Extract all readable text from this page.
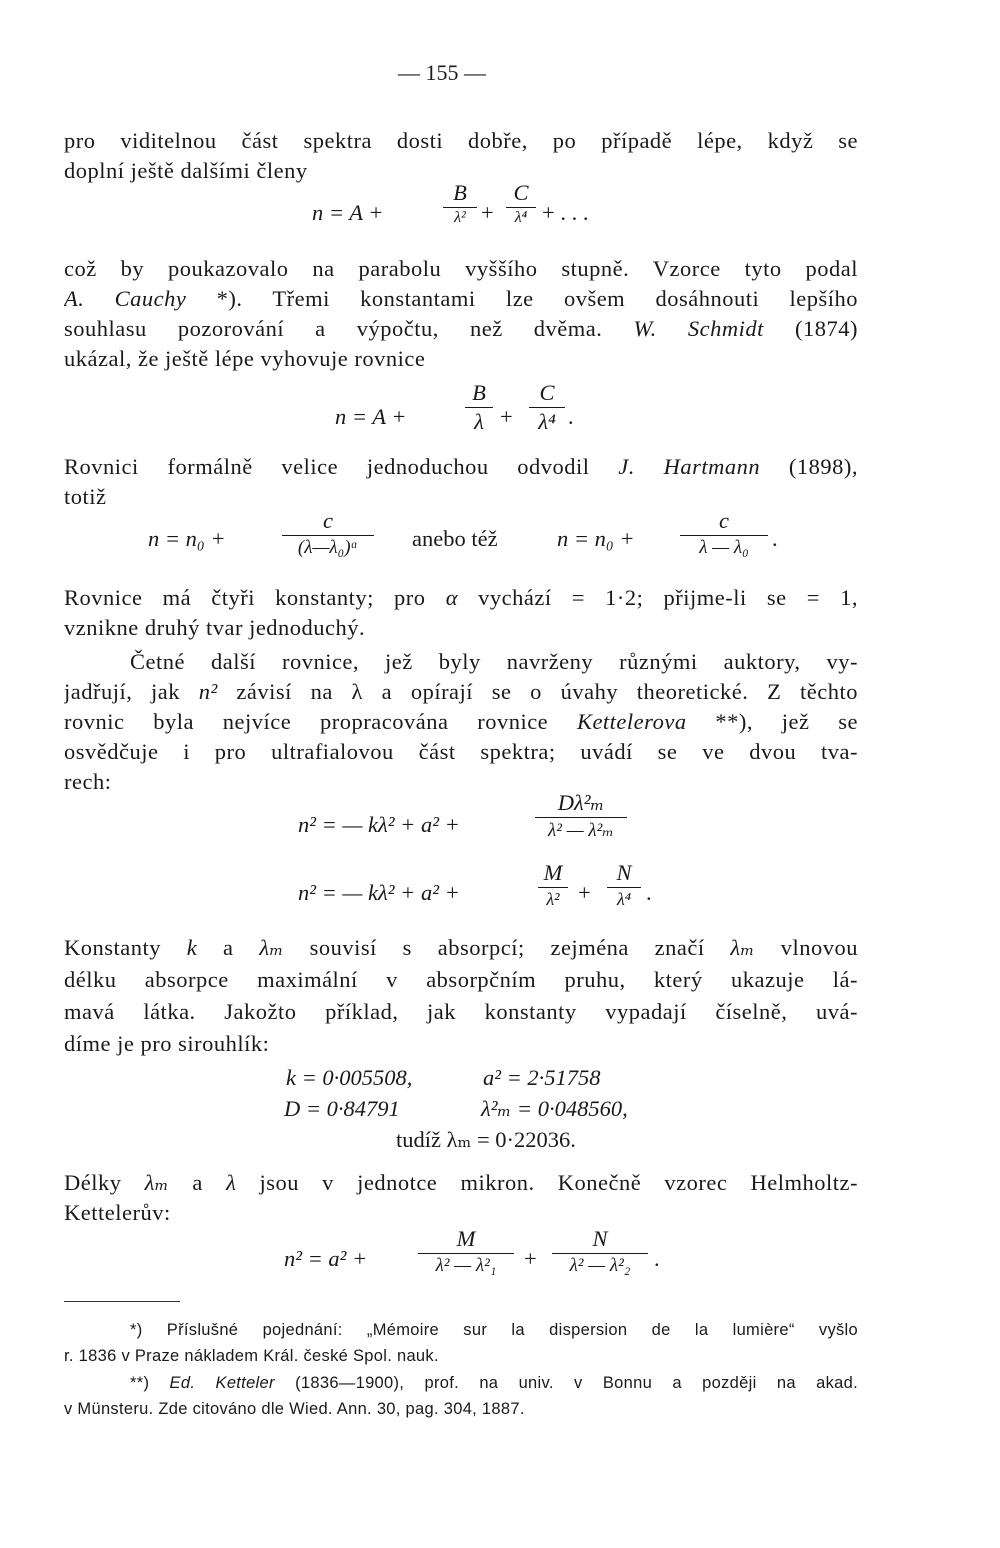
— 155 —
pro viditelnou část spektra dosti dobře, po případě lépe, když se
doplní ještě dalšími členy
n = A +
B
λ² +
C
λ⁴ + . . .
což by poukazovalo na parabolu vyššího stupně. Vzorce tyto podal
A. Cauchy *). Třemi konstantami lze ovšem dosáhnouti lepšího
souhlasu pozorování a výpočtu, než dvěma. W. Schmidt (1874)
ukázal, že ještě lépe vyhovuje rovnice
n = A +
B
λ +
C
λ⁴ .
Rovnici formálně velice jednoduchou odvodil J. Hartmann (1898),
totiž
n = n₀ +
c
(λ—λ₀)ᵅ	anebo též	n = n₀ +
c
λ — λ₀	.
Rovnice má čtyři konstanty; pro α vychází = 1·2; přijme-li se = 1,
vznikne druhý tvar jednoduchý.
Četné další rovnice, jež byly navrženy různými auktory, vy-
jadřují, jak n² závisí na λ a opírají se o úvahy theoretické. Z těchto
rovnic byla nejvíce propracována rovnice Kettelerova **), jež se
osvědčuje i pro ultrafialovou část spektra; uvádí se ve dvou tva-
rech:
n² = — kλ² + a² +
Dλ²ₘ
λ² — λ²ₘ
n² = — kλ² + a² +
M
λ² +
N
λ⁴ .
Konstanty k a λₘ souvisí s absorpcí; zejména značí λₘ vlnovou
délku absorpce maximální v absorpčním pruhu, který ukazuje lá-
mavá látka. Jakožto příklad, jak konstanty vypadají číselně, uvá-
díme je pro sirouhlík:
k = 0·005508,	a² = 2·51758
D = 0·84791	λ²ₘ = 0·048560,
tudíž λₘ = 0·22036.
Délky λₘ a λ jsou v jednotce mikron. Konečně vzorec Helmholtz-
Kettelerův:
n² = a² +
M
λ² — λ²₁	+
N
λ² — λ²₂	.
*) Příslušné pojednání: „Mémoire sur la dispersion de la lumière“ vyšlo
r. 1836 v Praze nákladem Král. české Spol. nauk.
**) Ed. Ketteler (1836—1900), prof. na univ. v Bonnu a později na akad.
v Münsteru. Zde citováno dle Wied. Ann. 30, pag. 304, 1887.
